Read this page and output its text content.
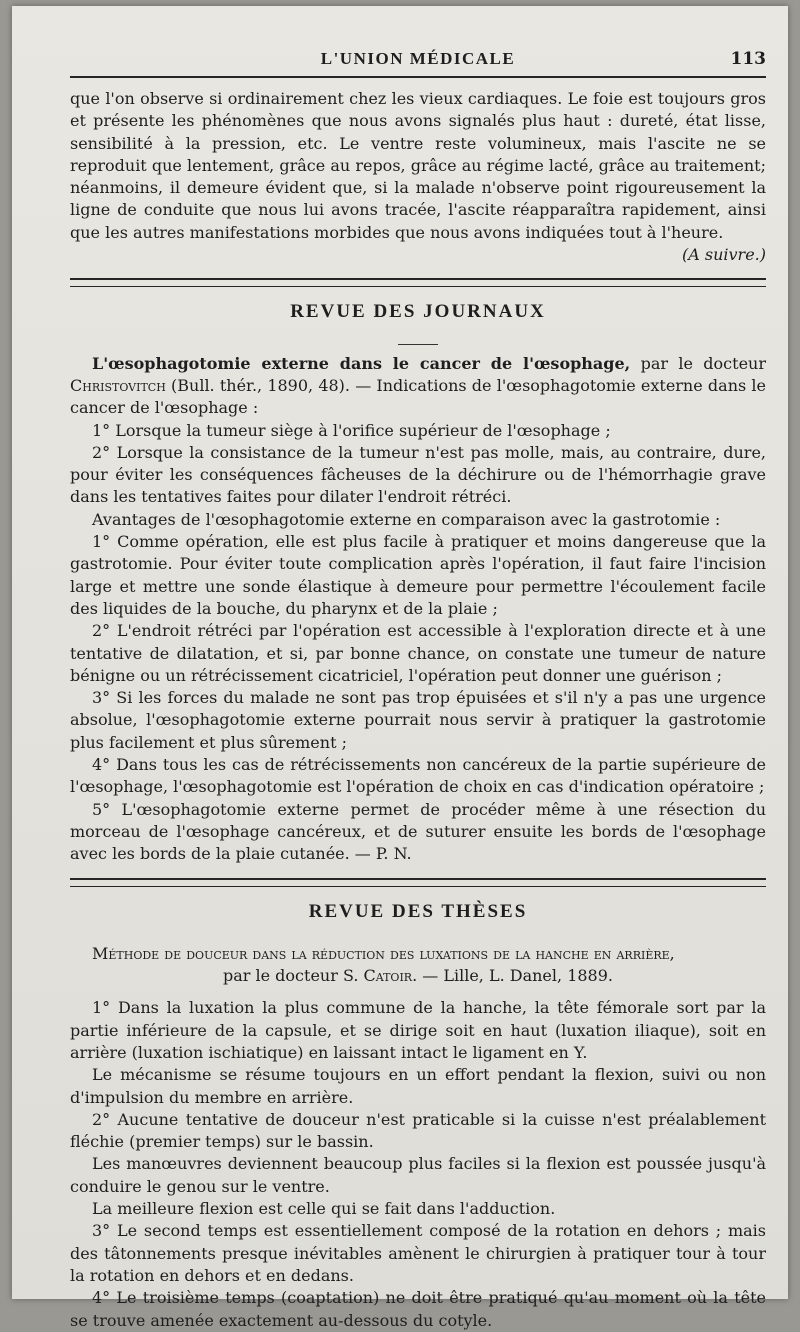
L'UNION MÉDICALE	113

que l'on observe si ordinairement chez les vieux cardiaques. Le foie est toujours gros et présente les phénomènes que nous avons signalés plus haut : dureté, état lisse, sensibilité à la pression, etc. Le ventre reste volumineux, mais l'ascite ne se reproduit que lentement, grâce au repos, grâce au régime lacté, grâce au traitement; néanmoins, il demeure évident que, si la malade n'observe point rigoureusement la ligne de conduite que nous lui avons tracée, l'ascite réapparaîtra rapidement, ainsi que les autres manifestations morbides que nous avons indiquées tout à l'heure.

(A suivre.)

REVUE DES JOURNAUX

L'œsophagotomie externe dans le cancer de l'œsophage, par le docteur Christovitch (Bull. thér., 1890, 48). — Indications de l'œsophagotomie externe dans le cancer de l'œsophage :

1° Lorsque la tumeur siège à l'orifice supérieur de l'œsophage ;

2° Lorsque la consistance de la tumeur n'est pas molle, mais, au contraire, dure, pour éviter les conséquences fâcheuses de la déchirure ou de l'hémorrhagie grave dans les tentatives faites pour dilater l'endroit rétréci.

Avantages de l'œsophagotomie externe en comparaison avec la gastrotomie :

1° Comme opération, elle est plus facile à pratiquer et moins dangereuse que la gastrotomie. Pour éviter toute complication après l'opération, il faut faire l'incision large et mettre une sonde élastique à demeure pour permettre l'écoulement facile des liquides de la bouche, du pharynx et de la plaie ;

2° L'endroit rétréci par l'opération est accessible à l'exploration directe et à une tentative de dilatation, et si, par bonne chance, on constate une tumeur de nature bénigne ou un rétrécissement cicatriciel, l'opération peut donner une guérison ;

3° Si les forces du malade ne sont pas trop épuisées et s'il n'y a pas une urgence absolue, l'œsophagotomie externe pourrait nous servir à pratiquer la gastrotomie plus facilement et plus sûrement ;

4° Dans tous les cas de rétrécissements non cancéreux de la partie supérieure de l'œsophage, l'œsophagotomie est l'opération de choix en cas d'indication opératoire ;

5° L'œsophagotomie externe permet de procéder même à une résection du morceau de l'œsophage cancéreux, et de suturer ensuite les bords de l'œsophage avec les bords de la plaie cutanée. — P. N.

REVUE DES THÈSES

Méthode de douceur dans la réduction des luxations de la hanche en arrière,

par le docteur S. Catoir. — Lille, L. Danel, 1889.

1° Dans la luxation la plus commune de la hanche, la tête fémorale sort par la partie inférieure de la capsule, et se dirige soit en haut (luxation iliaque), soit en arrière (luxation ischiatique) en laissant intact le ligament en Y.

Le mécanisme se résume toujours en un effort pendant la flexion, suivi ou non d'impulsion du membre en arrière.

2° Aucune tentative de douceur n'est praticable si la cuisse n'est préalablement fléchie (premier temps) sur le bassin.

Les manœuvres deviennent beaucoup plus faciles si la flexion est poussée jusqu'à conduire le genou sur le ventre.

La meilleure flexion est celle qui se fait dans l'adduction.

3° Le second temps est essentiellement composé de la rotation en dehors ; mais des tâtonnements presque inévitables amènent le chirurgien à pratiquer tour à tour la rotation en dehors et en dedans.

4° Le troisième temps (coaptation) ne doit être pratiqué qu'au moment où la tête se trouve amenée exactement au-dessous du cotyle.
